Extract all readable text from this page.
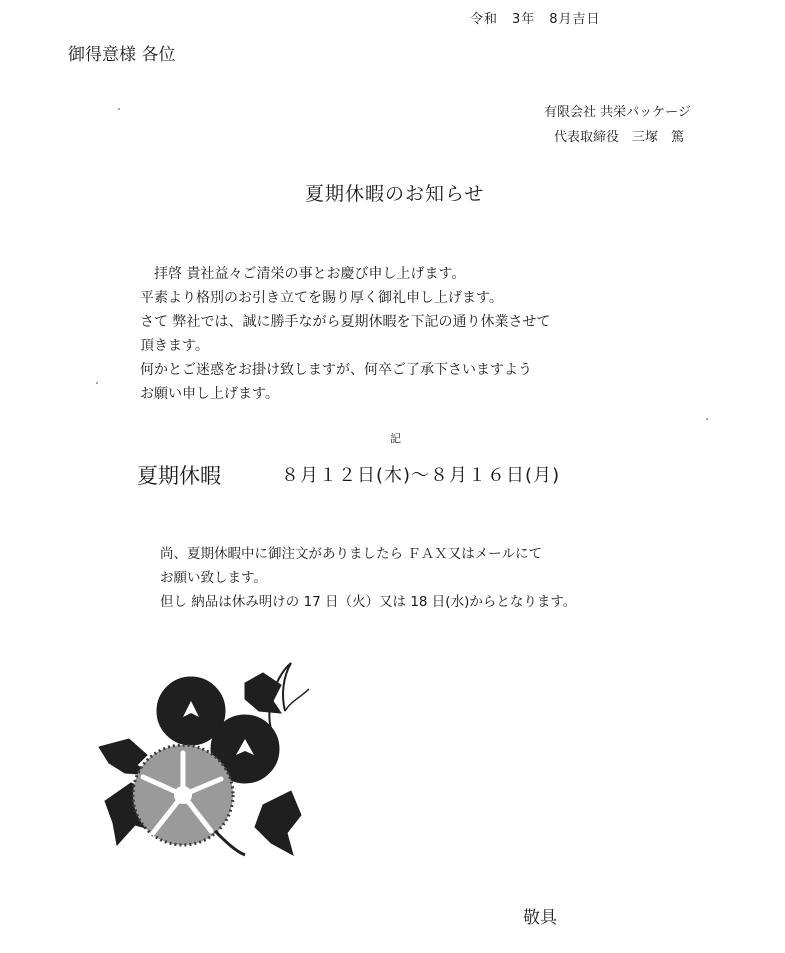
令和　3年　8月吉日
御得意様 各位
有限会社 共栄パッケージ
代表取締役　三塚　篤
夏期休暇のお知らせ
　拝啓 貴社益々ご清栄の事とお慶び申し上げます。
平素より格別のお引き立てを賜り厚く御礼申し上げます。
さて 弊社では、誠に勝手ながら夏期休暇を下記の通り休業させて
頂きます。
何かとご迷惑をお掛け致しますが、何卒ご了承下さいますよう
お願い申し上げます。
記
夏期休暇	８月１２日(木)～８月１６日(月)
尚、夏期休暇中に御注文がありましたら ＦＡＸ又はメールにて
お願い致します。
但し 納品は休み明けの 17 日（火）又は 18 日(水)からとなります。
敬具
